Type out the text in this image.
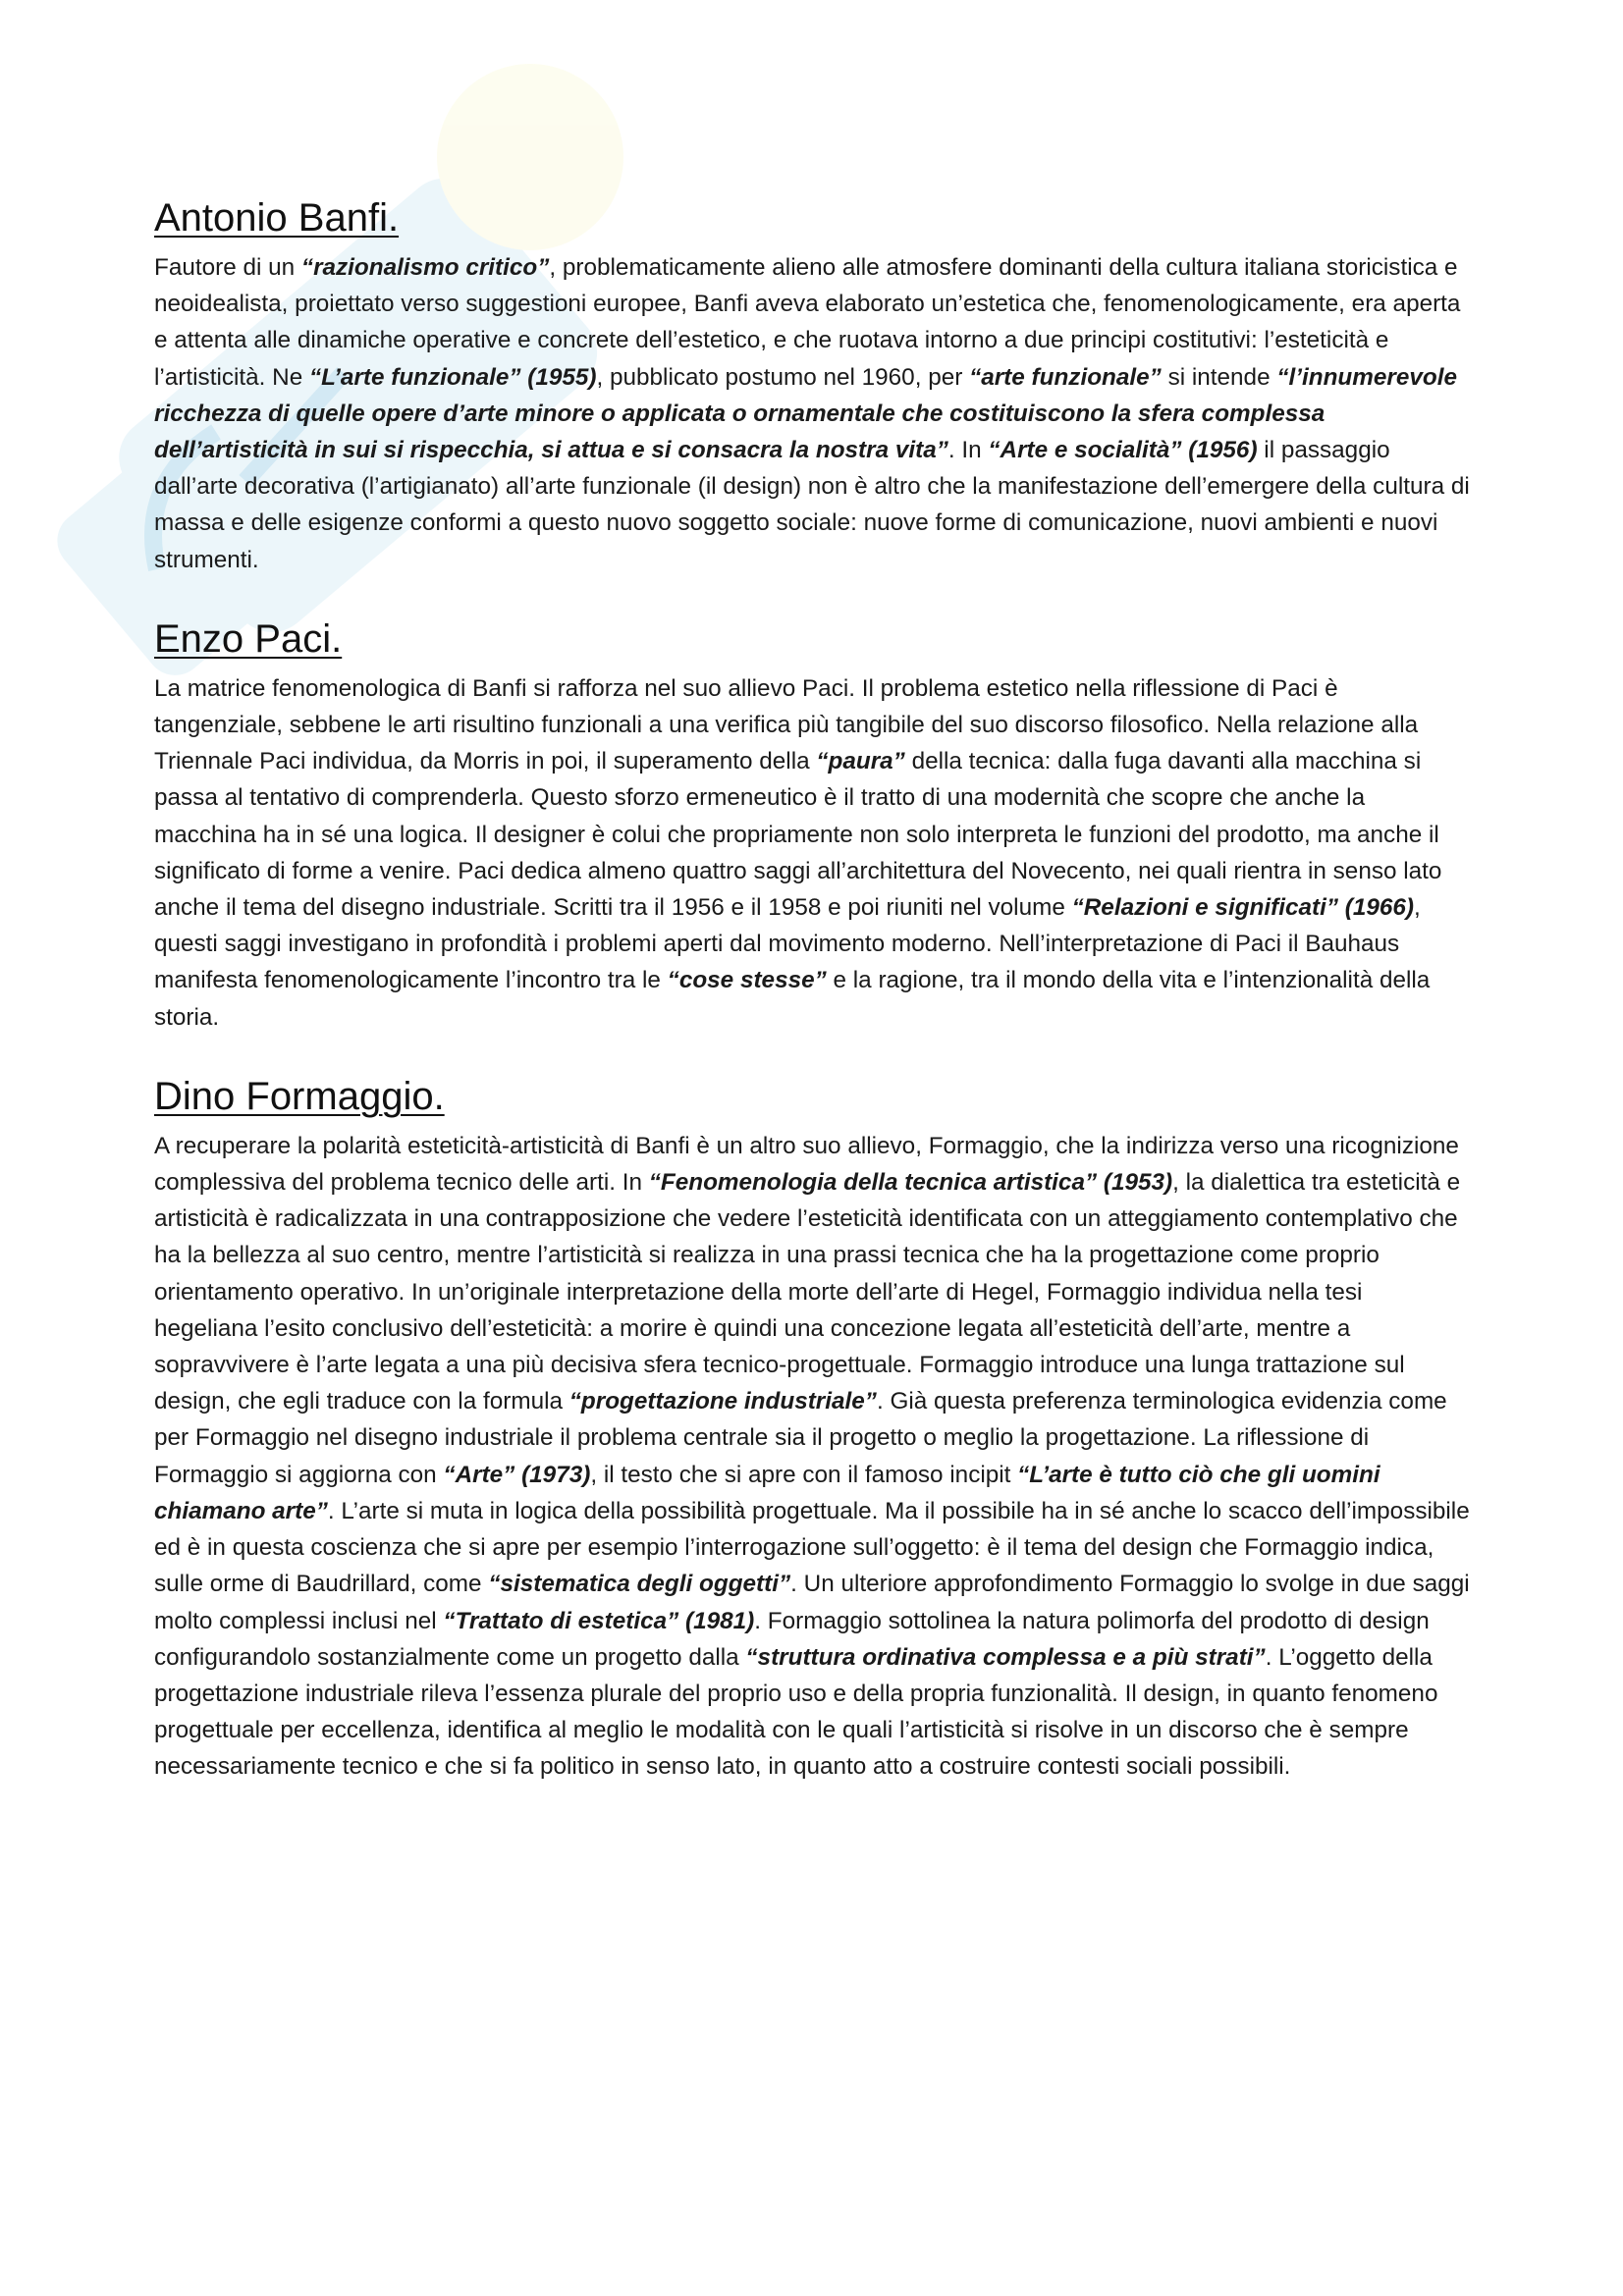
Antonio Banfi.

Fautore di un “razionalismo critico”, problematicamente alieno alle atmosfere dominanti della cultura italiana storicistica e neoidealista, proiettato verso suggestioni europee, Banfi aveva elaborato un’estetica che, fenomenologicamente, era aperta e attenta alle dinamiche operative e concrete dell’estetico, e che ruotava intorno a due principi costitutivi: l’esteticità e l’artisticità. Ne “L’arte funzionale” (1955), pubblicato postumo nel 1960, per “arte funzionale” si intende “l’innumerevole ricchezza di quelle opere d’arte minore o applicata o ornamentale che costituiscono la sfera complessa dell’artisticità in sui si rispecchia, si attua e si consacra la nostra vita”. In “Arte e socialità” (1956) il passaggio dall’arte decorativa (l’artigianato) all’arte funzionale (il design) non è altro che la manifestazione dell’emergere della cultura di massa e delle esigenze conformi a questo nuovo soggetto sociale: nuove forme di comunicazione, nuovi ambienti e nuovi strumenti.

Enzo Paci.

La matrice fenomenologica di Banfi si rafforza nel suo allievo Paci. Il problema estetico nella riflessione di Paci è tangenziale, sebbene le arti risultino funzionali a una verifica più tangibile del suo discorso filosofico. Nella relazione alla Triennale Paci individua, da Morris in poi, il superamento della “paura” della tecnica: dalla fuga davanti alla macchina si passa al tentativo di comprenderla. Questo sforzo ermeneutico è il tratto di una modernità che scopre che anche la macchina ha in sé una logica. Il designer è colui che propriamente non solo interpreta le funzioni del prodotto, ma anche il significato di forme a venire. Paci dedica almeno quattro saggi all’architettura del Novecento, nei quali rientra in senso lato anche il tema del disegno industriale. Scritti tra il 1956 e il 1958 e poi riuniti nel volume “Relazioni e significati” (1966), questi saggi investigano in profondità i problemi aperti dal movimento moderno. Nell’interpretazione di Paci il Bauhaus manifesta fenomenologicamente l’incontro tra le “cose stesse” e la ragione, tra il mondo della vita e l’intenzionalità della storia.

Dino Formaggio.

A recuperare la polarità esteticità-artisticità di Banfi è un altro suo allievo, Formaggio, che la indirizza verso una ricognizione complessiva del problema tecnico delle arti. In “Fenomenologia della tecnica artistica” (1953), la dialettica tra esteticità e artisticità è radicalizzata in una contrapposizione che vedere l’esteticità identificata con un atteggiamento contemplativo che ha la bellezza al suo centro, mentre l’artisticità si realizza in una prassi tecnica che ha la progettazione come proprio orientamento operativo. In un’originale interpretazione della morte dell’arte di Hegel, Formaggio individua nella tesi hegeliana l’esito conclusivo dell’esteticità: a morire è quindi una concezione legata all’esteticità dell’arte, mentre a sopravvivere è l’arte legata a una più decisiva sfera tecnico-progettuale. Formaggio introduce una lunga trattazione sul design, che egli traduce con la formula “progettazione industriale”. Già questa preferenza terminologica evidenzia come per Formaggio nel disegno industriale il problema centrale sia il progetto o meglio la progettazione. La riflessione di Formaggio si aggiorna con “Arte” (1973), il testo che si apre con il famoso incipit “L’arte è tutto ciò che gli uomini chiamano arte”. L’arte si muta in logica della possibilità progettuale. Ma il possibile ha in sé anche lo scacco dell’impossibile ed è in questa coscienza che si apre per esempio l’interrogazione sull’oggetto: è il tema del design che Formaggio indica, sulle orme di Baudrillard, come “sistematica degli oggetti”. Un ulteriore approfondimento Formaggio lo svolge in due saggi molto complessi inclusi nel “Trattato di estetica” (1981). Formaggio sottolinea la natura polimorfa del prodotto di design configurandolo sostanzialmente come un progetto dalla “struttura ordinativa complessa e a più strati”. L’oggetto della progettazione industriale rileva l’essenza plurale del proprio uso e della propria funzionalità. Il design, in quanto fenomeno progettuale per eccellenza, identifica al meglio le modalità con le quali l’artisticità si risolve in un discorso che è sempre necessariamente tecnico e che si fa politico in senso lato, in quanto atto a costruire contesti sociali possibili.
